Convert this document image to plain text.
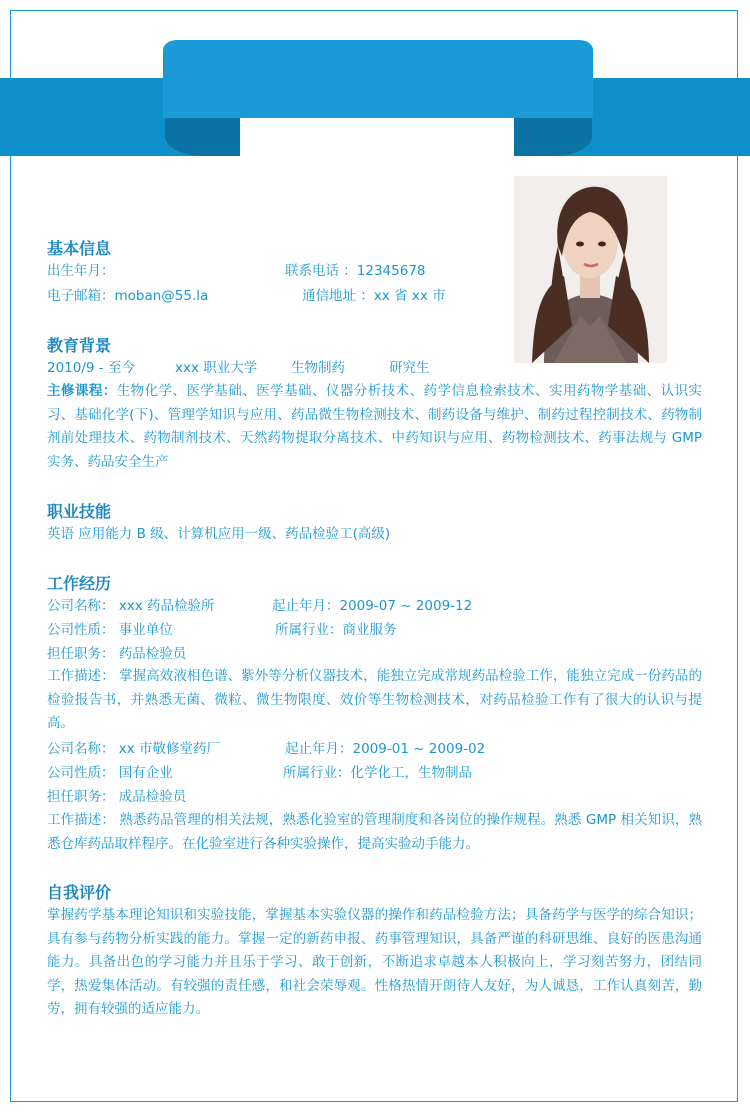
基本信息
出生年月：	联系电话 ：12345678
电子邮箱：moban@55.la	通信地址 ：xx 省 xx 市
教育背景
2010/9 - 至今	xxx 职业大学 生物制药	研究生
主修课程：生物化学、医学基础、医学基础、仪器分析技术、药学信息检索技术、实用药物学基础、认识实习、基础化学(下)、管理学知识与应用、药品微生物检测技术、制药设备与维护、制药过程控制技术、药物制剂前处理技术、药物制剂技术、天然药物提取分离技术、中药知识与应用、药物检测技术、药事法规与 GMP 实务、药品安全生产
职业技能
英语 应用能力 B 级、计算机应用一级、药品检验工(高级)
工作经历
公司名称： xxx 药品检验所	起止年月：2009-07 ~ 2009-12
公司性质： 事业单位	所属行业：商业服务
担任职务： 药品检验员
工作描述： 掌握高效液相色谱、紫外等分析仪器技术，能独立完成常规药品检验工作，能独立完成一份药品的检验报告书，并熟悉无菌、微粒、微生物限度、效价等生物检测技术，对药品检验工作有了很大的认识与提高。
公司名称： xx 市敬修堂药厂	起止年月：2009-01 ~ 2009-02
公司性质： 国有企业	所属行业：化学化工，生物制品
担任职务： 成品检验员
工作描述： 熟悉药品管理的相关法规，熟悉化验室的管理制度和各岗位的操作规程。熟悉 GMP 相关知识，熟悉仓库药品取样程序。在化验室进行各种实验操作，提高实验动手能力。
自我评价
掌握药学基本理论知识和实验技能，掌握基本实验仪器的操作和药品检验方法；具备药学与医学的综合知识；具有参与药物分析实践的能力。掌握一定的新药申报、药事管理知识，具备严谨的科研思维、良好的医患沟通能力。具备出色的学习能力并且乐于学习、敢于创新，不断追求卓越本人积极向上，学习刻苦努力，团结同学，热爱集体活动。有较强的责任感，和社会荣辱观。性格热情开朗待人友好，为人诚恳，工作认真刻苦，勤劳，拥有较强的适应能力。
